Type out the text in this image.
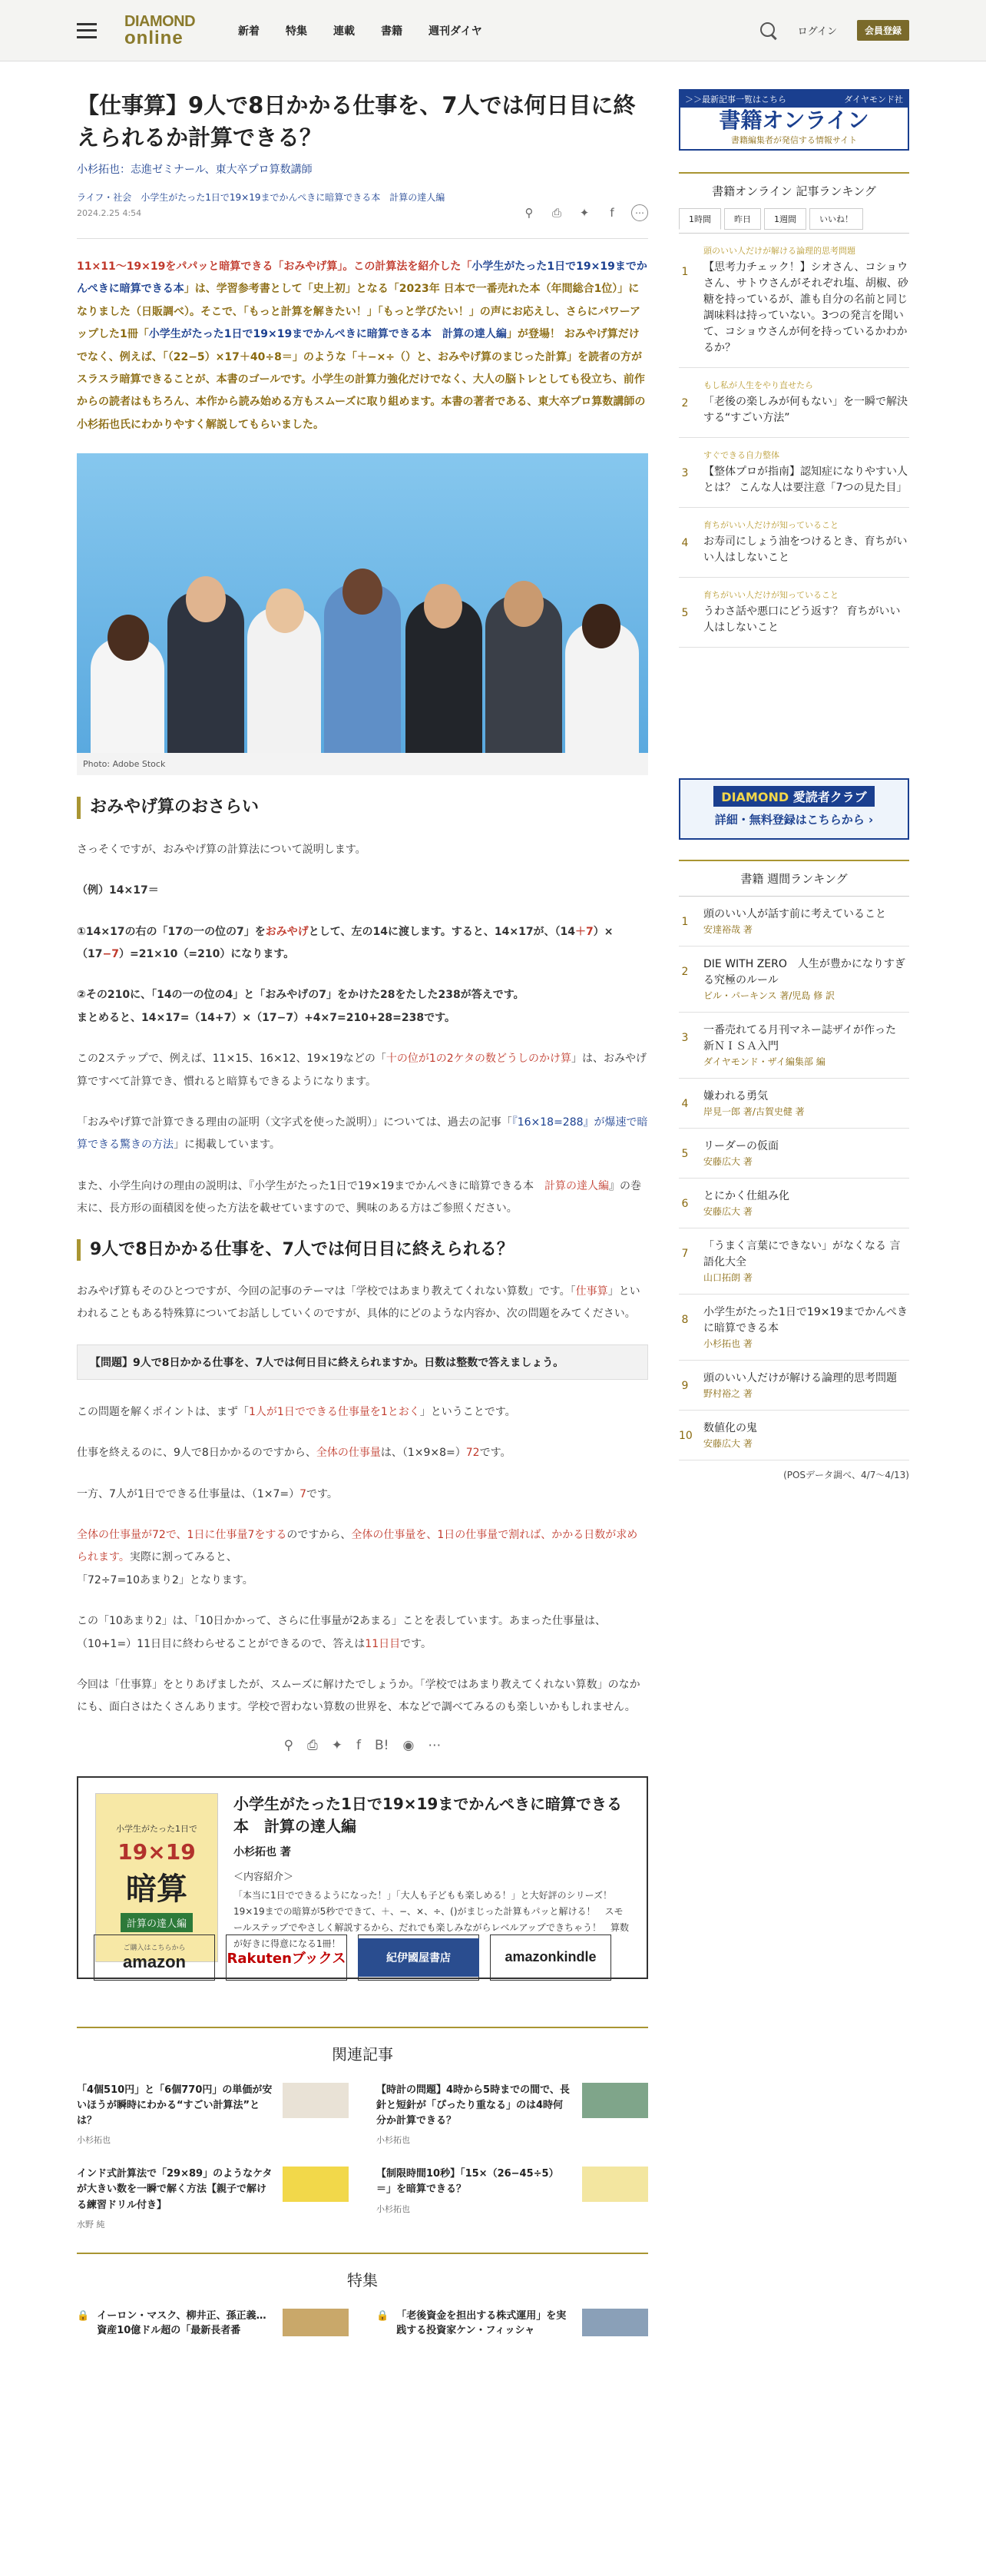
DIAMOND
online	新着 特集 連載 書籍 週刊ダイヤ	ログイン	会員登録
【仕事算】9人で8日かかる仕事を、7人では何日目に終えられるか計算できる？
小杉拓也：志進ゼミナール、東大卒プロ算数講師
ライフ・社会　小学生がたった1日で19×19までかんぺきに暗算できる本　計算の達人編
2024.2.25 4:54	⚲	⎙	✦	f	⋯
11×11〜19×19をパパッと暗算できる「おみやげ算」。この計算法を紹介した「小学生がたった1日で19×19までかんぺきに暗算できる本」は、学習参考書として「史上初」となる「2023年 日本で一番売れた本（年間総合1位）」になりました（日販調べ）。そこで、「もっと計算を解きたい！」「もっと学びたい！」の声にお応えし、さらにパワーアップした1冊「小学生がたった1日で19×19までかんぺきに暗算できる本　計算の達人編」が登場！ おみやげ算だけでなく、例えば、「（22−5）×17＋40÷8＝」のような「＋−×÷（）と、おみやげ算のまじった計算」を読者の方がスラスラ暗算できることが、本書のゴールです。小学生の計算力強化だけでなく、大人の脳トレとしても役立ち、前作からの読者はもちろん、本作から読み始める方もスムーズに取り組めます。本書の著者である、東大卒プロ算数講師の小杉拓也氏にわかりやすく解説してもらいました。
Photo: Adobe Stock
おみやげ算のおさらい

さっそくですが、おみやげ算の計算法について説明します。

（例）14×17＝

①14×17の右の「17の一の位の7」をおみやげとして、左の14に渡します。すると、14×17が、（14＋7）×（17−7）=21×10（=210）になります。

②その210に、「14の一の位の4」と「おみやげの7」をかけた28をたした238が答えです。
まとめると、14×17=（14+7）×（17−7）+4×7=210+28=238です。

この2ステップで、例えば、11×15、16×12、19×19などの「十の位が1の2ケタの数どうしのかけ算」は、おみやげ算ですべて計算でき、慣れると暗算もできるようになります。

「おみやげ算で計算できる理由の証明（文字式を使った説明）」については、過去の記事「『16×18=288』が爆速で暗算できる驚きの方法」に掲載しています。

また、小学生向けの理由の説明は、『小学生がたった1日で19×19までかんぺきに暗算できる本　計算の達人編』の巻末に、長方形の面積図を使った方法を載せていますので、興味のある方はご参照ください。

9人で8日かかる仕事を、7人では何日目に終えられる？

おみやげ算もそのひとつですが、今回の記事のテーマは「学校ではあまり教えてくれない算数」です。「仕事算」といわれることもある特殊算についてお話ししていくのですが、具体的にどのような内容か、次の問題をみてください。

【問題】9人で8日かかる仕事を、7人では何日目に終えられますか。日数は整数で答えましょう。

この問題を解くポイントは、まず「1人が1日でできる仕事量を1とおく」ということです。

仕事を終えるのに、9人で8日かかるのですから、全体の仕事量は、（1×9×8=）72です。

一方、7人が1日でできる仕事量は、（1×7=）7です。

全体の仕事量が72で、1日に仕事量7をするのですから、全体の仕事量を、1日の仕事量で割れば、かかる日数が求められます。実際に割ってみると、
「72÷7=10あまり2」となります。

この「10あまり2」は、「10日かかって、さらに仕事量が2あまる」ことを表しています。あまった仕事量は、（10+1=）11日目に終わらせることができるので、答えは11日目です。

今回は「仕事算」をとりあげましたが、スムーズに解けたでしょうか。「学校ではあまり教えてくれない算数」のなかにも、面白さはたくさんあります。学校で習わない算数の世界を、本などで調べてみるのも楽しいかもしれません。

⚲ ⎙ ✦ f B! ◉ ⋯
小学生がたった1日で
19×19
暗算
計算の達人編
小学生がたった1日で19×19までかんぺきに暗算できる本　計算の達人編
小杉拓也 著
＜内容紹介＞
「本当に1日でできるようになった！」「大人も子どもも楽しめる！」と大好評のシリーズ！　19×19までの暗算が5秒でできて、＋、−、×、÷、()がまじった計算もパッと解ける！　スモールステップでやさしく解説するから、だれでも楽しみながらレベルアップできちゃう！　算数が好きに得意になる1冊！
ご購入はこちらから
amazon	Rakutenブックス	紀伊國屋書店	amazonkindle
関連記事
「4個510円」と「6個770円」の単価が安いほうが瞬時にわかる“すごい計算法”とは？
小杉拓也
【時計の問題】4時から5時までの間で、長針と短針が「ぴったり重なる」のは4時何分か計算できる？
小杉拓也
インド式計算法で「29×89」のようなケタが大きい数を一瞬で解く方法【親子で解ける練習ドリル付き】
水野 純
【制限時間10秒】「15×（26−45÷5）＝」を暗算できる？
小杉拓也
特集
🔒 イーロン・マスク、柳井正、孫正義…資産10億ドル超の「最新長者番
🔒 「老後資金を担出する株式運用」を実践する投資家ケン・フィッシャ
＞＞最新記事一覧はこちら	ダイヤモンド社
書籍オンライン
書籍編集者が発信する情報サイト
書籍オンライン 記事ランキング
1時間	昨日	1週間	いいね！
1
頭のいい人だけが解ける論理的思考問題
【思考力チェック！】シオさん、コショウさん、サトウさんがそれぞれ塩、胡椒、砂糖を持っているが、誰も自分の名前と同じ調味料は持っていない。3つの発言を聞いて、コショウさんが何を持っているかわかるか？
2
もし私が人生をやり直せたら
「老後の楽しみが何もない」を一瞬で解決する“すごい方法”
3
すぐできる自力整体
【整体プロが指南】認知症になりやすい人とは？ こんな人は要注意「7つの見た目」
4
育ちがいい人だけが知っていること
お寿司にしょう油をつけるとき、育ちがいい人はしないこと
5
育ちがいい人だけが知っていること
うわさ話や悪口にどう返す？ 育ちがいい人はしないこと
DIAMOND 愛読者クラブ
詳細・無料登録はこちらから ›
書籍 週間ランキング
1
頭のいい人が話す前に考えていること
安達裕哉 著
2
DIE WITH ZERO　人生が豊かになりすぎる究極のルール
ビル・パーキンス 著/児島 修 訳
3
一番売れてる月刊マネー誌ザイが作った 新ＮＩＳＡ入門
ダイヤモンド・ザイ編集部 編
4
嫌われる勇気
岸見一郎 著/古賀史健 著
5
リーダーの仮面
安藤広大 著
6
とにかく仕組み化
安藤広大 著
7
「うまく言葉にできない」がなくなる 言語化大全
山口拓朗 著
8
小学生がたった1日で19×19までかんぺきに暗算できる本
小杉拓也 著
9
頭のいい人だけが解ける論理的思考問題
野村裕之 著
10
数値化の鬼
安藤広大 著
(POSデータ調べ、4/7〜4/13)
